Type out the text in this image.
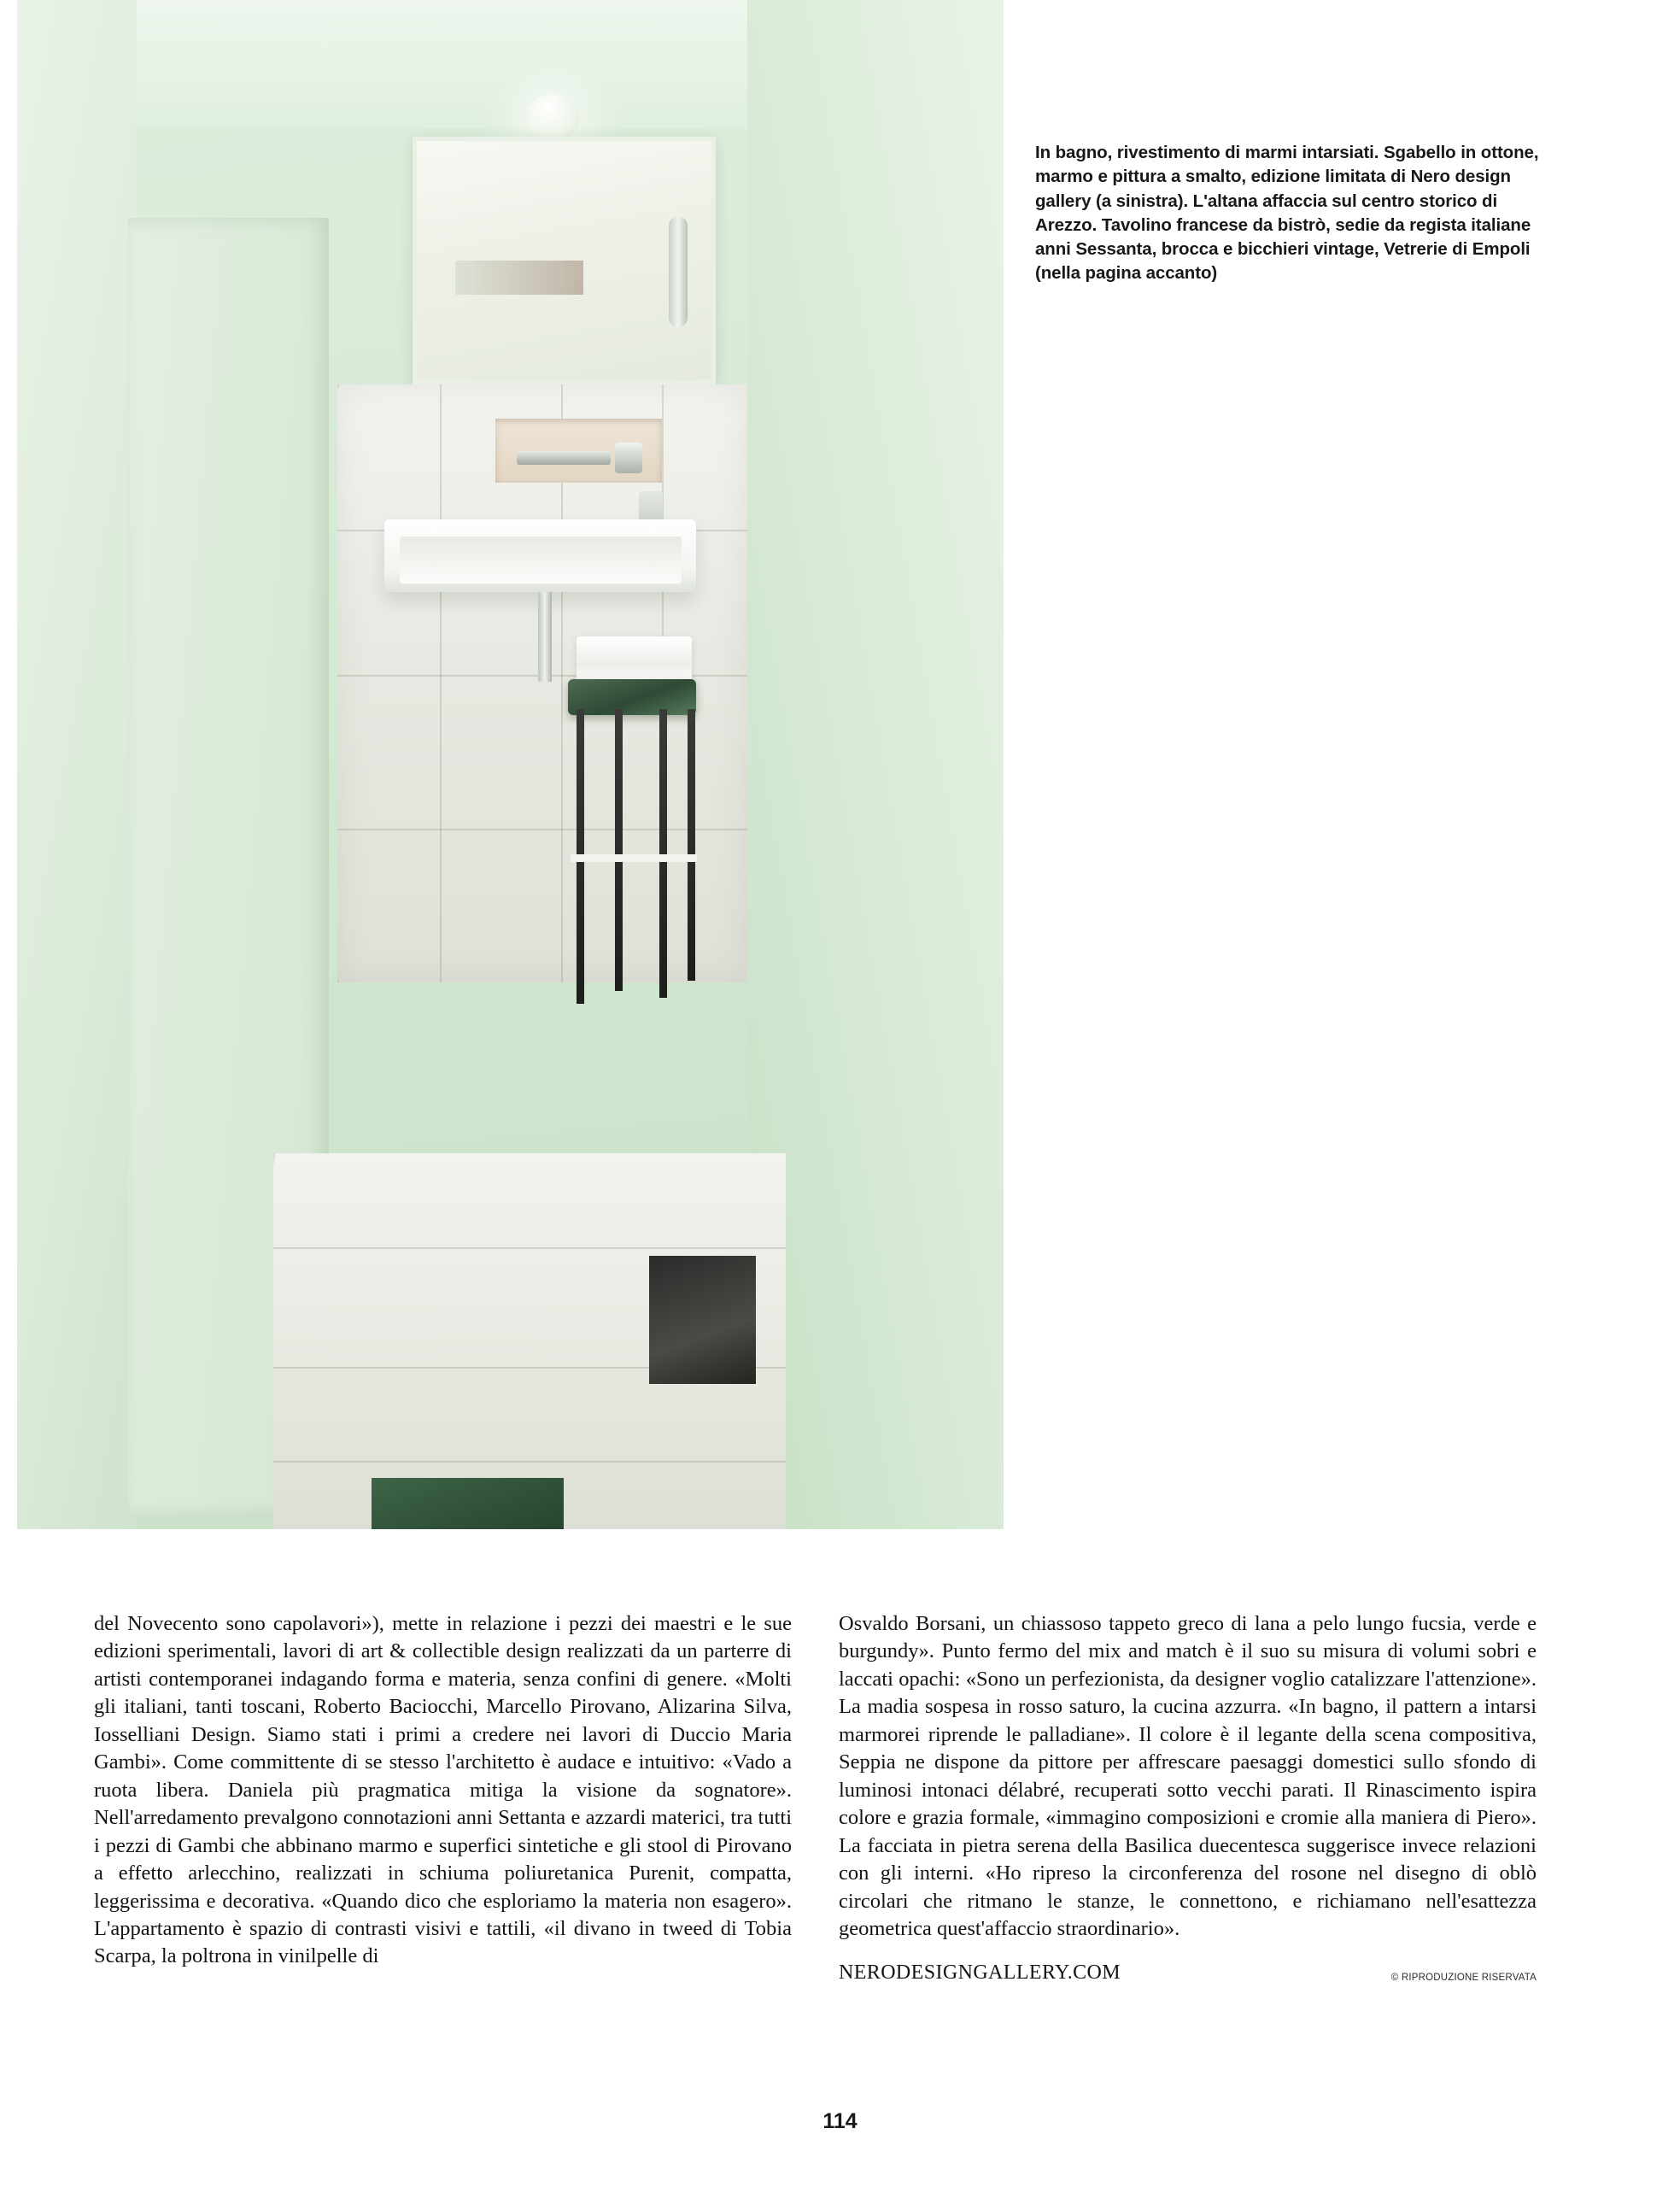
In bagno, rivestimento di marmi intarsiati. Sgabello in ottone, marmo e pittura a smalto, edizione limitata di Nero design gallery (a sinistra). L'altana affaccia sul centro storico di Arezzo. Tavolino francese da bistrò, sedie da regista italiane anni Sessanta, brocca e bicchieri vintage, Vetrerie di Empoli (nella pagina accanto)

del Novecento sono capolavori»), mette in relazione i pezzi dei maestri e le sue edizioni sperimentali, lavori di art & collectible design realizzati da un parterre di artisti contemporanei indagando forma e materia, senza confini di genere. «Molti gli italiani, tanti toscani, Roberto Baciocchi, Marcello Pirovano, Alizarina Silva, Iosselliani Design. Siamo stati i primi a credere nei lavori di Duccio Maria Gambi». Come committente di se stesso l'architetto è audace e intuitivo: «Vado a ruota libera. Daniela più pragmatica mitiga la visione da sognatore». Nell'arredamento prevalgono connotazioni anni Settanta e azzardi materici, tra tutti i pezzi di Gambi che abbinano marmo e superfici sintetiche e gli stool di Pirovano a effetto arlecchino, realizzati in schiuma poliuretanica Purenit, compatta, leggerissima e decorativa. «Quando dico che esploriamo la materia non esagero». L'appartamento è spazio di contrasti visivi e tattili, «il divano in tweed di Tobia Scarpa, la poltrona in vinilpelle di

Osvaldo Borsani, un chiassoso tappeto greco di lana a pelo lungo fucsia, verde e burgundy». Punto fermo del mix and match è il suo su misura di volumi sobri e laccati opachi: «Sono un perfezionista, da designer voglio catalizzare l'attenzione». La madia sospesa in rosso saturo, la cucina azzurra. «In bagno, il pattern a intarsi marmorei riprende le palladiane». Il colore è il legante della scena compositiva, Seppia ne dispone da pittore per affrescare paesaggi domestici sullo sfondo di luminosi intonaci délabré, recuperati sotto vecchi parati. Il Rinascimento ispira colore e grazia formale, «immagino composizioni e cromie alla maniera di Piero». La facciata in pietra serena della Basilica duecentesca suggerisce invece relazioni con gli interni. «Ho ripreso la circonferenza del rosone nel disegno di oblò circolari che ritmano le stanze, le connettono, e richiamano nell'esattezza geometrica quest'affaccio straordinario».

NERODESIGNGALLERY.COM	© RIPRODUZIONE RISERVATA
114
